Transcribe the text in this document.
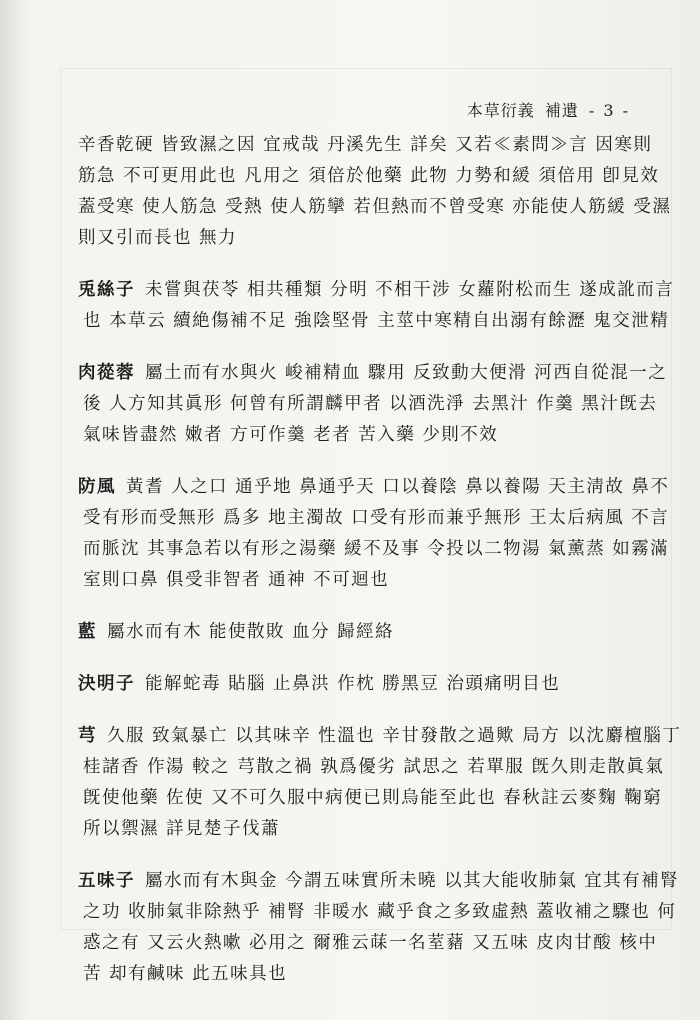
本草衍義 補遺 - 3 -

辛香乾硬 皆致濕之因 宜戒哉 丹溪先生 詳矣 又若≪素問≫言 因寒則

筋急 不可更用此也 凡用之 須倍於他藥 此物 力勢和緩 須倍用 卽見效

蓋受寒 使人筋急 受熱 使人筋攣 若但熱而不曾受寒 亦能使人筋緩 受濕

則又引而長也 無力

兎絲子 未嘗與茯苓 相共種類 分明 不相干涉 女蘿附松而生 遂成訛而言

也 本草云 續絶傷補不足 強陰堅骨 主莖中寒精自出溺有餘瀝 鬼交泄精

肉蓯蓉 屬土而有水與火 峻補精血 驟用 反致動大便滑 河西自從混一之

後 人方知其眞形 何曾有所謂麟甲者 以酒洗淨 去黑汁 作羹 黑汁旣去

氣味皆盡然 嫩者 方可作羹 老者 苦入藥 少則不效

防風 黃耆 人之口 通乎地 鼻通乎天 口以養陰 鼻以養陽 天主淸故 鼻不

受有形而受無形 爲多 地主濁故 口受有形而兼乎無形 王太后病風 不言

而脈沈 其事急若以有形之湯藥 緩不及事 令投以二物湯 氣薰蒸 如霧滿

室則口鼻 俱受非智者 通神 不可迴也

藍 屬水而有木 能使散敗 血分 歸經絡

決明子 能解蛇毒 貼腦 止鼻洪 作枕 勝黑豆 治頭痛明目也

芎 久服 致氣暴亡 以其味辛 性溫也 辛甘發散之過歟 局方 以沈麝檀腦丁

桂諸香 作湯 較之 芎散之禍 孰爲優劣 試思之 若單服 旣久則走散眞氣

旣使他藥 佐使 又不可久服中病便已則烏能至此也 春秋註云麥麴 鞠窮

所以禦濕 詳見楚子伐蕭

五味子 屬水而有木與金 今謂五味實所未曉 以其大能收肺氣 宜其有補腎

之功 收肺氣非除熱乎 補腎 非暖水 藏乎食之多致虛熱 蓋收補之驟也 何

惑之有 又云火熱嗽 必用之 爾雅云菋一名荎藸 又五味 皮肉甘酸 核中

苦 却有鹹味 此五味具也
